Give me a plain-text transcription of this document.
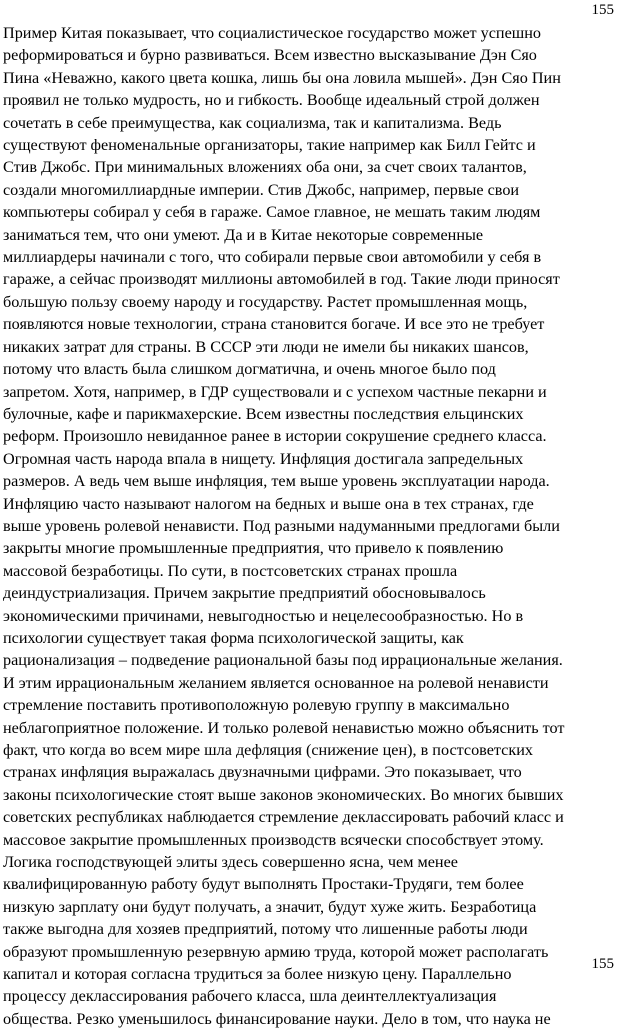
155
Пример Китая показывает, что социалистическое государство может успешно
реформироваться и бурно развиваться. Всем известно высказывание Дэн Сяо
Пина «Неважно, какого цвета кошка, лишь бы она ловила мышей». Дэн Сяо Пин
проявил не только мудрость, но и гибкость. Вообще идеальный строй должен
сочетать в себе преимущества, как социализма, так и капитализма. Ведь
существуют феноменальные организаторы, такие например как Билл Гейтс и
Стив Джобс. При минимальных вложениях оба они, за счет своих талантов,
создали многомиллиардные империи. Стив Джобс, например, первые свои
компьютеры собирал у себя в гараже. Самое главное, не мешать таким людям
заниматься тем, что они умеют. Да и в Китае некоторые современные
миллиардеры начинали с того, что собирали первые свои автомобили у себя в
гараже, а сейчас производят миллионы автомобилей в год. Такие люди приносят
большую пользу своему народу и государству. Растет промышленная мощь,
появляются новые технологии, страна становится богаче. И все это не требует
никаких затрат для страны. В СССР эти люди не имели бы никаких шансов,
потому что власть была слишком догматична, и очень многое было под
запретом. Хотя, например, в ГДР существовали и с успехом частные пекарни и
булочные, кафе и парикмахерские. Всем известны последствия ельцинских
реформ. Произошло невиданное ранее в истории сокрушение среднего класса.
Огромная часть народа впала в нищету. Инфляция достигала запредельных
размеров. А ведь чем выше инфляция, тем выше уровень эксплуатации народа.
Инфляцию часто называют налогом на бедных и выше она в тех странах, где
выше уровень ролевой ненависти. Под разными надуманными предлогами были
закрыты многие промышленные предприятия, что привело к появлению
массовой безработицы. По сути, в постсоветских странах прошла
деиндустриализация. Причем закрытие предприятий обосновывалось
экономическими причинами, невыгодностью и нецелесообразностью. Но в
психологии существует такая форма психологической защиты, как
рационализация – подведение рациональной базы под иррациональные желания.
И этим иррациональным желанием является основанное на ролевой ненависти
стремление поставить противоположную ролевую группу в максимально
неблагоприятное положение. И только ролевой ненавистью можно объяснить тот
факт, что когда во всем мире шла дефляция (снижение цен), в постсоветских
странах инфляция выражалась двузначными цифрами. Это показывает, что
законы психологические стоят выше законов экономических. Во многих бывших
советских республиках наблюдается стремление деклассировать рабочий класс и
массовое закрытие промышленных производств всячески способствует этому.
Логика господствующей элиты здесь совершенно ясна, чем менее
квалифицированную работу будут выполнять Простаки-Трудяги, тем более
низкую зарплату они будут получать, а значит, будут хуже жить. Безработица
также выгодна для хозяев предприятий, потому что лишенные работы люди
образуют промышленную резервную армию труда, которой может располагать
капитал и которая согласна трудиться за более низкую цену. Параллельно
процессу деклассирования рабочего класса, шла деинтеллектуализация
общества. Резко уменьшилось финансирование науки. Дело в том, что наука не
155
